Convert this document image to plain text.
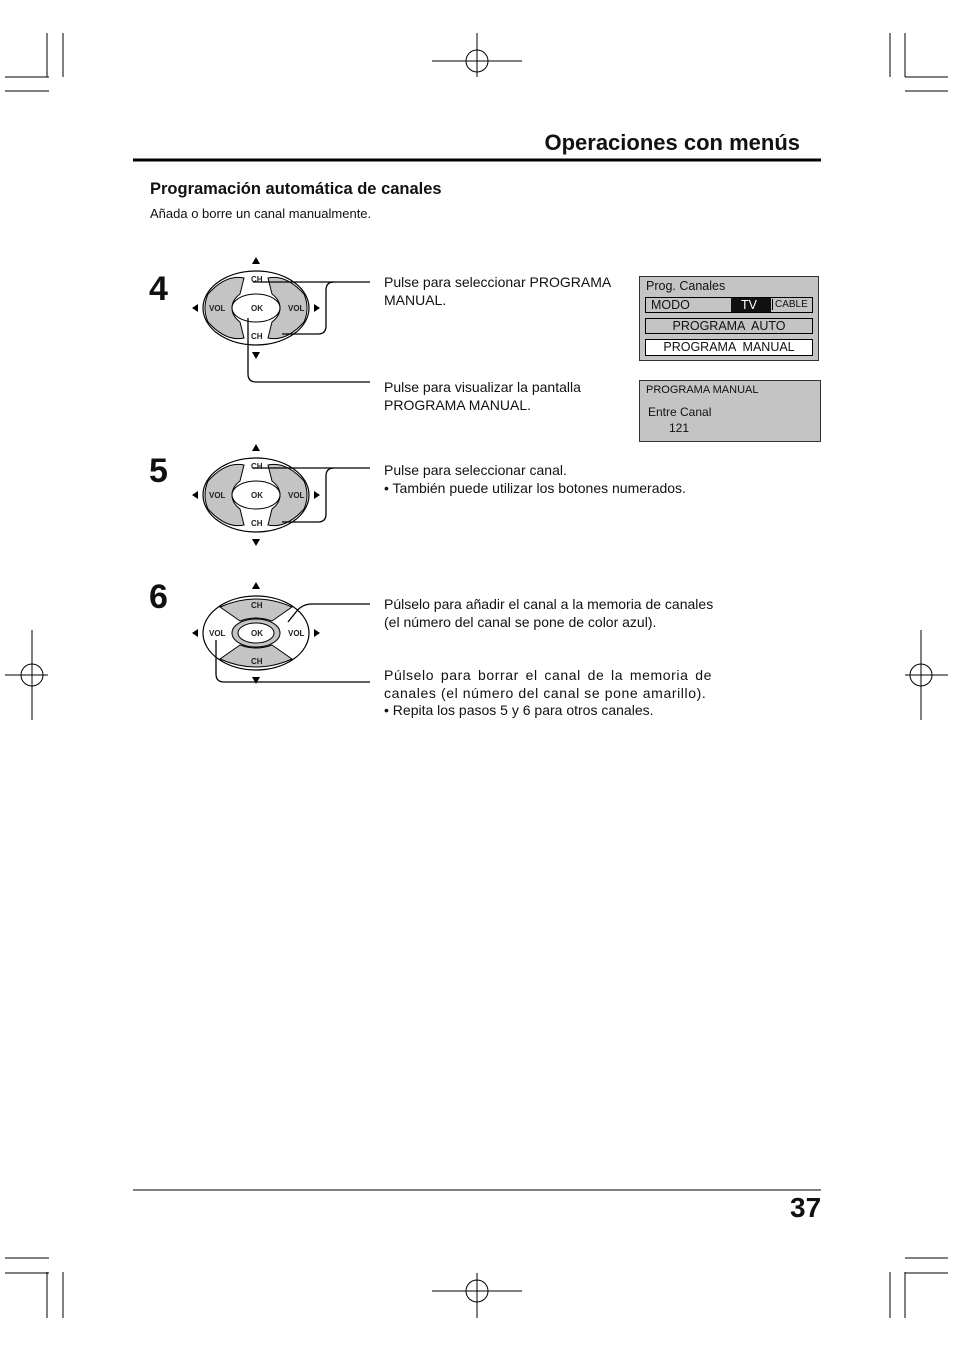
CH
CH
VOL	VOL
OK
CH
CH
VOL	VOL
OK
CH
CH
VOL	VOL
OK
Operaciones con menús
Programación automática de canales
Añada o borre un canal manualmente.
4
5
6
Pulse para seleccionar PROGRAMA MANUAL.
Pulse para visualizar la pantalla PROGRAMA MANUAL.
Pulse para seleccionar canal.
• También puede utilizar los botones numerados.
Púlselo para añadir el canal a la memoria de canales (el número del canal se pone de color azul).
Púlselo para borrar el canal de la memoria de canales (el número del canal se pone amarillo).
• Repita los pasos 5 y 6 para otros canales.
Prog. Canales
MODO	TV	CABLE
PROGRAMA  AUTO
PROGRAMA  MANUAL
PROGRAMA MANUAL
Entre Canal
121
37
